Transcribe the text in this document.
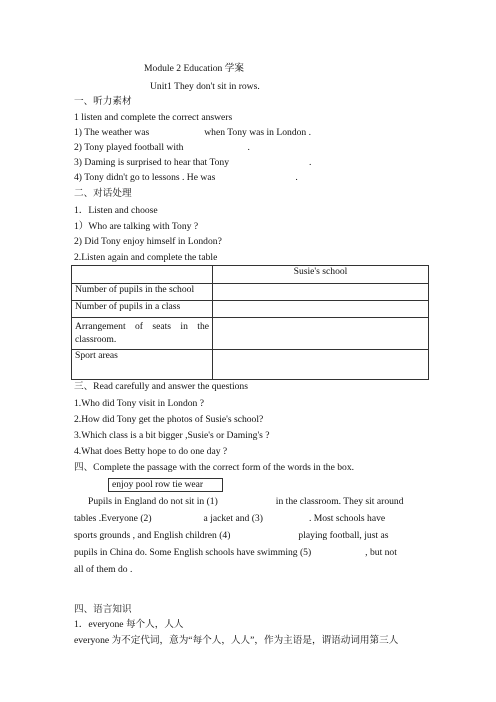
Module 2 Education 学案
Unit1 They don't sit in rows.
一、听力素材
1 listen and complete the correct answers
1) The weather was	when Tony was in London .
2) Tony played football with	.
3) Daming is surprised to hear that Tony	.
4) Tony didn't go to lessons . He was	.
二、对话处理
1．Listen and choose
1）Who are talking with Tony ?
2) Did Tony enjoy himself in London?
2.Listen again and complete the table
	Susie's school
Number of pupils in the school	
Number of pupils in a class	

Arrangement of seats in the
classroom.	

Sport areas	
三、Read carefully and answer the questions
1.Who did Tony visit in London ?
2.How did Tony get the photos of Susie's school?
3.Which class is a bit bigger ,Susie's or Daming's ?
4.What does Betty hope to do one day ?
四、Complete the passage with the correct form of the words in the box.
enjoy pool row tie wear
Pupils in England do not sit in (1)	in the classroom. They sit around
tables .Everyone (2)	a jacket and (3)	. Most schools have
sports grounds , and English children (4)	playing football, just as
pupils in China do. Some English schools have swimming (5)	, but not
all of them do .
四、语言知识
1．everyone 每个人，人人
everyone 为不定代词，意为“每个人，人人”，作为主语是，谓语动词用第三人
